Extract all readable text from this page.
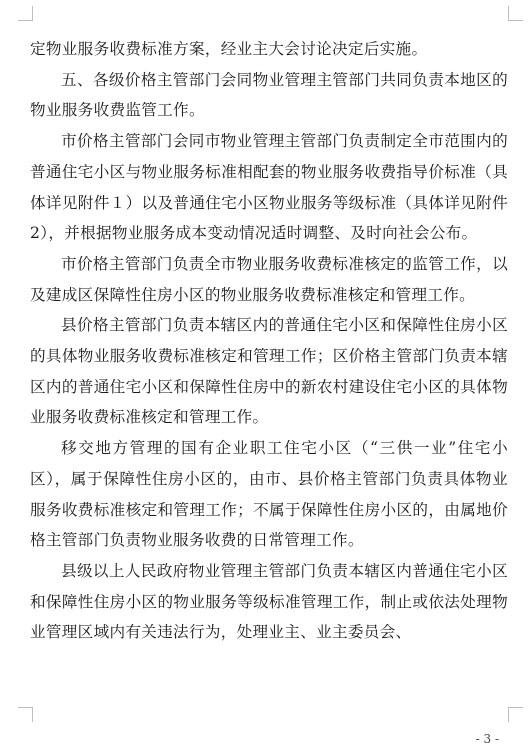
定物业服务收费标准方案，经业主大会讨论决定后实施。

五、各级价格主管部门会同物业管理主管部门共同负责本地区的物业服务收费监管工作。

市价格主管部门会同市物业管理主管部门负责制定全市范围内的普通住宅小区与物业服务标准相配套的物业服务收费指导价标准（具体详见附件１）以及普通住宅小区物业服务等级标准（具体详见附件2），并根据物业服务成本变动情况适时调整、及时向社会公布。

市价格主管部门负责全市物业服务收费标准核定的监管工作，以及建成区保障性住房小区的物业服务收费标准核定和管理工作。

县价格主管部门负责本辖区内的普通住宅小区和保障性住房小区的具体物业服务收费标准核定和管理工作；区价格主管部门负责本辖区内的普通住宅小区和保障性住房中的新农村建设住宅小区的具体物业服务收费标准核定和管理工作。

移交地方管理的国有企业职工住宅小区（“三供一业”住宅小区），属于保障性住房小区的，由市、县价格主管部门负责具体物业服务收费标准核定和管理工作；不属于保障性住房小区的，由属地价格主管部门负责物业服务收费的日常管理工作。

县级以上人民政府物业管理主管部门负责本辖区内普通住宅小区和保障性住房小区的物业服务等级标准管理工作，制止或依法处理物业管理区域内有关违法行为，处理业主、业主委员会、

- 3 -
